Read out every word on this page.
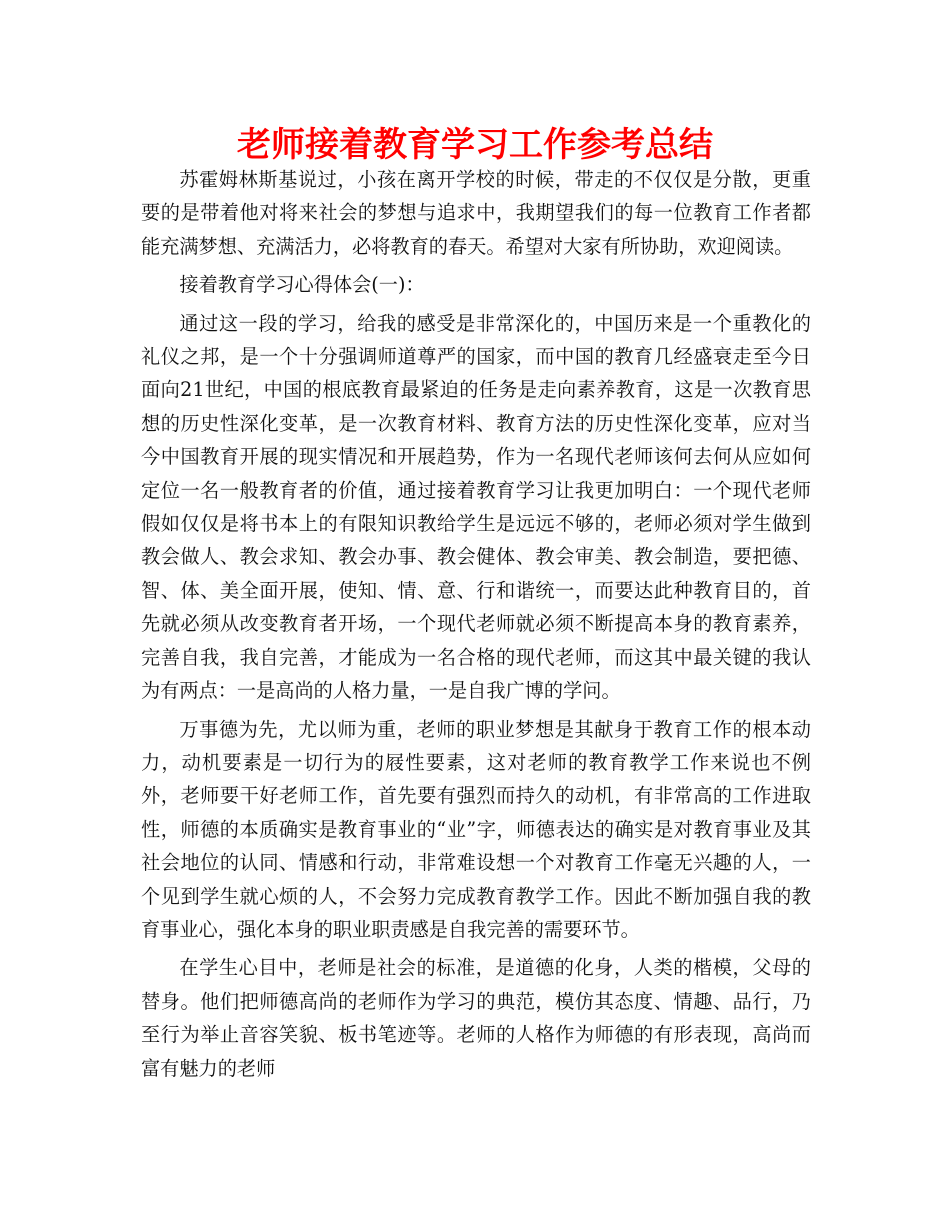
老师接着教育学习工作参考总结

苏霍姆林斯基说过，小孩在离开学校的时候，带走的不仅仅是分散，更重要的是带着他对将来社会的梦想与追求中，我期望我们的每一位教育工作者都能充满梦想、充满活力，必将教育的春天。希望对大家有所协助，欢迎阅读。

接着教育学习心得体会(一)：

通过这一段的学习，给我的感受是非常深化的，中国历来是一个重教化的礼仪之邦，是一个十分强调师道尊严的国家，而中国的教育几经盛衰走至今日面向21世纪，中国的根底教育最紧迫的任务是走向素养教育，这是一次教育思想的历史性深化变革，是一次教育材料、教育方法的历史性深化变革，应对当今中国教育开展的现实情况和开展趋势，作为一名现代老师该何去何从应如何定位一名一般教育者的价值，通过接着教育学习让我更加明白：一个现代老师假如仅仅是将书本上的有限知识教给学生是远远不够的，老师必须对学生做到教会做人、教会求知、教会办事、教会健体、教会审美、教会制造，要把德、智、体、美全面开展，使知、情、意、行和谐统一，而要达此种教育目的，首先就必须从改变教育者开场，一个现代老师就必须不断提高本身的教育素养，完善自我，我自完善，才能成为一名合格的现代老师，而这其中最关键的我认为有两点：一是高尚的人格力量，一是自我广博的学问。

万事德为先，尤以师为重，老师的职业梦想是其献身于教育工作的根本动力，动机要素是一切行为的屐性要素，这对老师的教育教学工作来说也不例外，老师要干好老师工作，首先要有强烈而持久的动机，有非常高的工作进取性，师德的本质确实是教育事业的“业”字，师德表达的确实是对教育事业及其社会地位的认同、情感和行动，非常难设想一个对教育工作毫无兴趣的人，一个见到学生就心烦的人，不会努力完成教育教学工作。因此不断加强自我的教育事业心，强化本身的职业职责感是自我完善的需要环节。

在学生心目中，老师是社会的标准，是道德的化身，人类的楷模，父母的替身。他们把师德高尚的老师作为学习的典范，模仿其态度、情趣、品行，乃至行为举止音容笑貌、板书笔迹等。老师的人格作为师德的有形表现，高尚而富有魅力的老师
